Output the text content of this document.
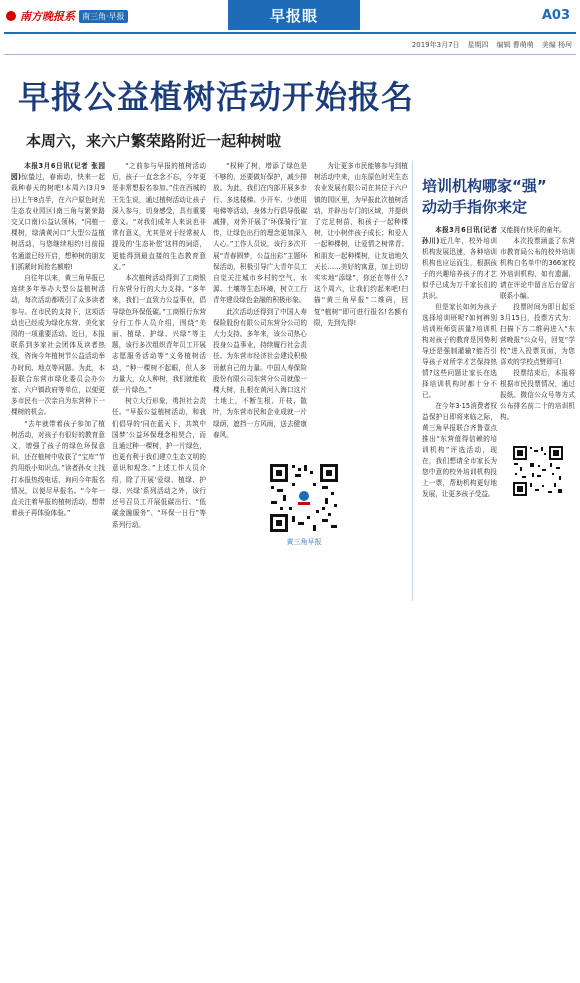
南方晚报系 南三角·早报	早报眼	A03
2019年3月7日 星期四 编辑 曹萌萌 美编 杨珂
早报公益植树活动开始报名
本周六，来六户繁荣路附近一起种树啦

本报3月6日讯(记者 张园园)惊蛰过，春雨动，快来一起栽种春天的树吧!本周六(3月9日)上午8点半，在六户原色时光生态农业园区(南三角与繁荣路交叉口南)公益认领林，“同植一棵树，绿满黄河口”大型公益植树活动，与您继续相约!目前报名通道已经开启，想种树的朋友们抓紧时间抢名额啦!

自往年以来，黄三角早报已连续多年举办大型公益植树活动，每次活动都吸引了众多读者参与。在市民的支持下，这项活动也已经成为绿化东营、美化家园的一项重要活动。近日，本报联系到多家社会团体及读者热线，咨询今年植树节公益活动举办时间、地点等问题。为此，本报联合东营市绿化委员会办公室、六户镇政府等单位，以便更多市民有一次亲自为东营种下一棵树的机会。

“去年就带着孩子参加了植树活动，对孩子有很好的教育意义，增强了孩子的绿色环保意识，还在植树中收获了“宝库”节约用纸小知识点。”读者孙女士找打本报热线电话，询问今年报名情况，以便尽早报名。“今年一直关注着早报的植树活动，想带着孩子再体验体验。”

“之前参与早报的植树活动后，孩子一直念念不忘，今年更是非常想报名参加。”住在西城的王先生说，通过植树活动让孩子深入参与，切身感受，具有重要意义。“对我们成年人来说也非常有意义，尤其是对于经常被人提及的‘生态补偿’这样的词语，更能得到最直接的生态教育意义。”

本次植树活动得到了工商银行东营分行的大力支持。“多年来，我们一直致力公益事业，倡导绿色环保低碳。”工商银行东营分行工作人员介绍，围绕“美丽、植绿、护绿、兴绿”等主题，该行多次组织青年员工开展志愿服务活动等“义务植树活动，“种一棵树不起眼，但人多力量大，众人种树，我们就能收获一片绿色。”

树立大行形象，勇担社会责任。“早报公益植树活动，和我们倡导的‘同在蓝天下，共筑中国梦’公益环保理念相契合，而且通过种一棵树，护一片绿色，也更有利于我们建立生态文明的意识和观念。”上述工作人员介绍，除了开展‘爱绿、植绿、护绿、兴绿’系列活动之外，该行还号召员工开展低碳出行、“低碳金融服务”、“环保一日行”等系列行动。

“权种了树，增添了绿色是不够的，还要做好保护，减少排放。为此，我们在内部开展多步行、多选楼梯、少开车、少使用电梯等活动，身体力行倡导低碳减排，对外开展了‘环保骑行’宣传，让绿色出行的理念更加深入人心。”工作人员说，该行多次开展“青春圆梦，公益出彩”主题环保活动，积极引导广大青年员工自觉关注城市乡村的空气、水源、土壤等生态环境，树立工行青年建设绿色金融的积极形象。

此次活动还得到了中国人寿保险股份有限公司东营分公司的大力支持。多年来，该公司热心投身公益事业，持续履行社会责任。为东营市经济社会建设积极贡献自己的力量。中国人寿保险股份有限公司东营分公司就像一棵大树，扎根在黄河入海口这片土地上，不断生根、开枝、散叶，为东营市民和企业成就一片绿荫，遮挡一方风雨，送去健康春风。

为让更多市民能够参与到植树活动中来，山东原色时光生态农业发展有限公司在其位于六户镇的园区里，为早报此次植树活动，并辟出专门的区域，并提供了完足树苗，和孩子一起种棵树，让小树伴孩子成长；和爱人一起种棵树，让爱情之树常青；和朋友一起种棵树，让友谊地久天长……美好的寓意，加上切切实实地“添绿”，你还在等什么?这个周六，让我们约起来吧!扫描“黄三角早报”二维码，回复“植树”即可进行报名!名额有限，先到先得!

黄三角早报
培训机构哪家“强”
动动手指你来定

本报3月6日讯(记者 孙川)近几年，校外培训机构发展迅速，各种培训机构也应运而生，根据孩子的兴趣培养孩子的才艺似乎已成为万千家长们的共识。

但是家长如何为孩子选择培训班呢?如何辨别培训班师资质量?培训机构对孩子的教育是因势利导还是强制灌输?能否引导孩子对所学才艺保持热情?这些问题让家长在选择培训机构时都十分不已。

在今年3·15消费者权益保护日即将来临之际，黄三角早报联合齐鲁壹点推出“东营值得信赖的培训机构”评选活动，现在，我们想请全市家长为您中意的校外培训机构投上一票，帮助机构更好地发展，让更多孩子受益。

又能拥有快乐的童年。

本次投票涵盖了东营市教育局公布的校外培训机构白名单中的366家校外培训机构，如有遗漏，请在评论中留言后台留言联系小编。

投票时间为即日起至3月15日，投票方式为：扫描下方二维码进入“东营晚报”公众号，回复“学校”进入投票页面，为您喜欢的学校点赞即可!

投票结束后，本报将根据市民投票情况，通过报纸、微信公众号等方式公布排名前二十的培训机构。
